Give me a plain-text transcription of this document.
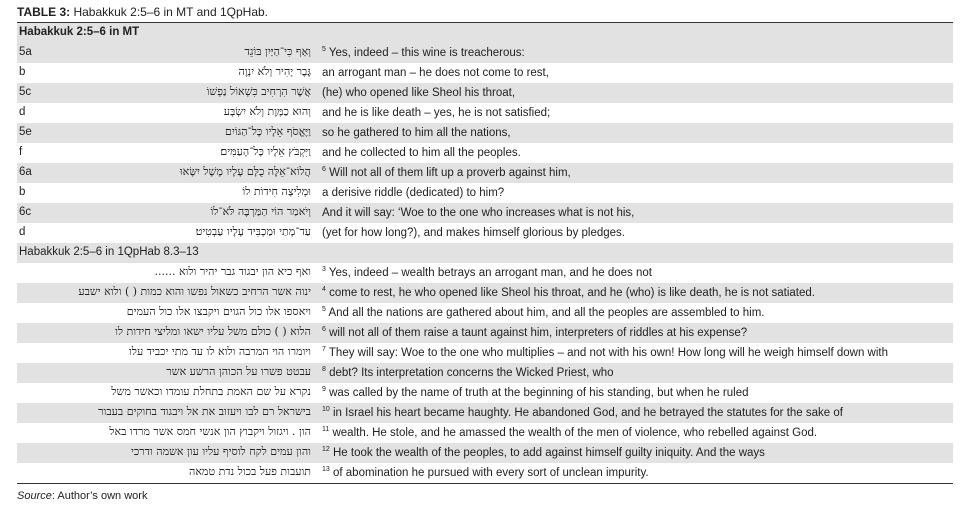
TABLE 3: Habakkuk 2:5–6 in MT and 1QpHab.
Habakkuk 2:5–6 in MT
5a	וְאַף כִּי־הַיַּיִן בּוֹגֵד $^5$ Yes, indeed – this wine is treacherous:
b	גֶּבֶר יָהִיר וְלֹא יִנְוֶה an arrogant man – he does not come to rest,
5c	אֲשֶׁר הִרְחִיב כִּשְׁאוֹל נַפְשׁוֹ (he) who opened like Sheol his throat,
d	וְהוּא כַמָּוֶת וְלֹא יִשְׂבָּע and he is like death – yes, he is not satisfied;
5e	וַיֶּאֱסֹף אֵלָיו כָּל־הַגּוֹיִם so he gathered to him all the nations,
f	וַיִּקְבֹּץ אֵלָיו כָּל־הָעַמִּים׃ and he collected to him all the peoples.
6a	הֲלוֹא־אֵלֶּה כֻלָּם עָלָיו מָשָׁל יִשָּׂאוּ $^6$ Will not all of them lift up a proverb against him,
b	וּמְלִיצָה חִידוֹת לוֹ a derisive riddle (dedicated) to him?
6c	וְיֹאמַר הוֹי הַמַּרְבֶּה לֹּא־לוֹ And it will say: ‘Woe to the one who increases what is not his,
d	עַד־מָתַי וּמַכְבִּיד עָלָיו עַבְטִיט׃ (yet for how long?), and makes himself glorious by pledges.
Habakkuk 2:5–6 in 1QpHab 8.3–13
ואף כיא הון יבגוד גבר יהיר ולוא ...... $^3$ Yes, indeed – wealth betrays an arrogant man, and he does not
ינוה אשר הרחיב כשאול נפשו והוא כמות ( ) ולוא ישבע $^4$ come to rest, he who opened like Sheol his throat, and he (who) is like death, he is not satiated.
ויאספו אלו כול הגוים ויקבצו אלו כול העמים $^5$ And all the nations are gathered about him, and all the peoples are assembled to him.
הלוא ( ) כולם משל עליו ישאו ומליצי חידות לו $^6$ will not all of them raise a taunt against him, interpreters of riddles at his expense?
ויומרו הוי המרבה ולוא לו עד מתי יכביד עלו $^7$ They will say: Woe to the one who multiplies – and not with his own! How long will he weigh himself down with
עבטט פשרו על הכוהן הרשע אשר $^8$ debt? Its interpretation concerns the Wicked Priest, who
נקרא על שם האמת בתחלת עומדו וכאשר משל $^9$ was called by the name of truth at the beginning of his standing, but when he ruled
בישראל רם לבו ויעזוב את אל ויבגוד בחוקים בעבור $^{10}$ in Israel his heart became haughty. He abandoned God, and he betrayed the statutes for the sake of
הון . ויגזול ויקבוץ הון אנשי חמס אשר מרדו באל $^{11}$ wealth. He stole, and he amassed the wealth of the men of violence, who rebelled against God.
והון עמים לקח לוסיף עליו עון אשמה ודרכי $^{12}$ He took the wealth of the peoples, to add against himself guilty iniquity. And the ways
תועבות פעל בכול נדת טמאה $^{13}$ of abomination he pursued with every sort of unclean impurity.
Source: Author’s own work
